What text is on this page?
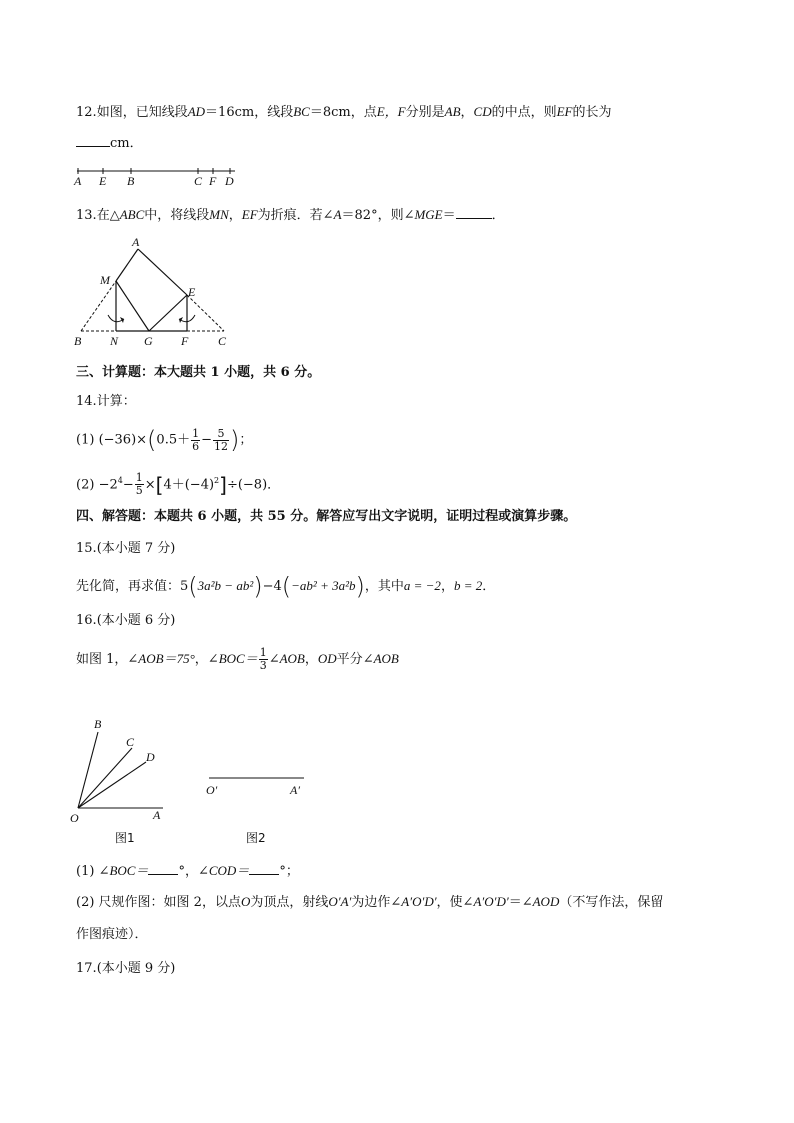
12.如图，已知线段AD＝16cm，线段BC＝8cm，点E，F分别是AB，CD的中点，则EF的长为
cm．
A E B	C F D
13.在△ABC中，将线段MN，EF为折痕．若∠A＝82°，则∠MGE＝	．
A
M
E
B N G F C
三、计算题：本大题共 1 小题，共 6 分。
14.计算：
(1) $(-36)\times(0.5+ \frac{1}{6} - \frac{5}{12}$ )；
$(2) -2^4- \frac{1}{5} \times[4+(-4)^2]\div(-8)$．
四、解答题：本题共 6 小题，共 55 分。解答应写出文字说明，证明过程或演算步骤。
15.(本小题 7 分)
先化简，再求值：5(3a²b − ab²)−4(−ab² + 3a²b)，其中a = −2，b = 2．
16.(本小题 6 分)
如图 1，∠AOB＝75°，∠BOC＝ $\frac{1}{3}$ ∠AOB，OD平分∠AOB
B
C
D
O	A
图1
O′	A′
图2
(1) ∠BOC＝ °，∠COD＝ °；
(2) 尺规作图：如图 2，以点O为顶点，射线O′A′为边作∠A′O′D′，使∠A′O′D′＝∠AOD（不写作法，保留
作图痕迹）．
17.(本小题 9 分)
